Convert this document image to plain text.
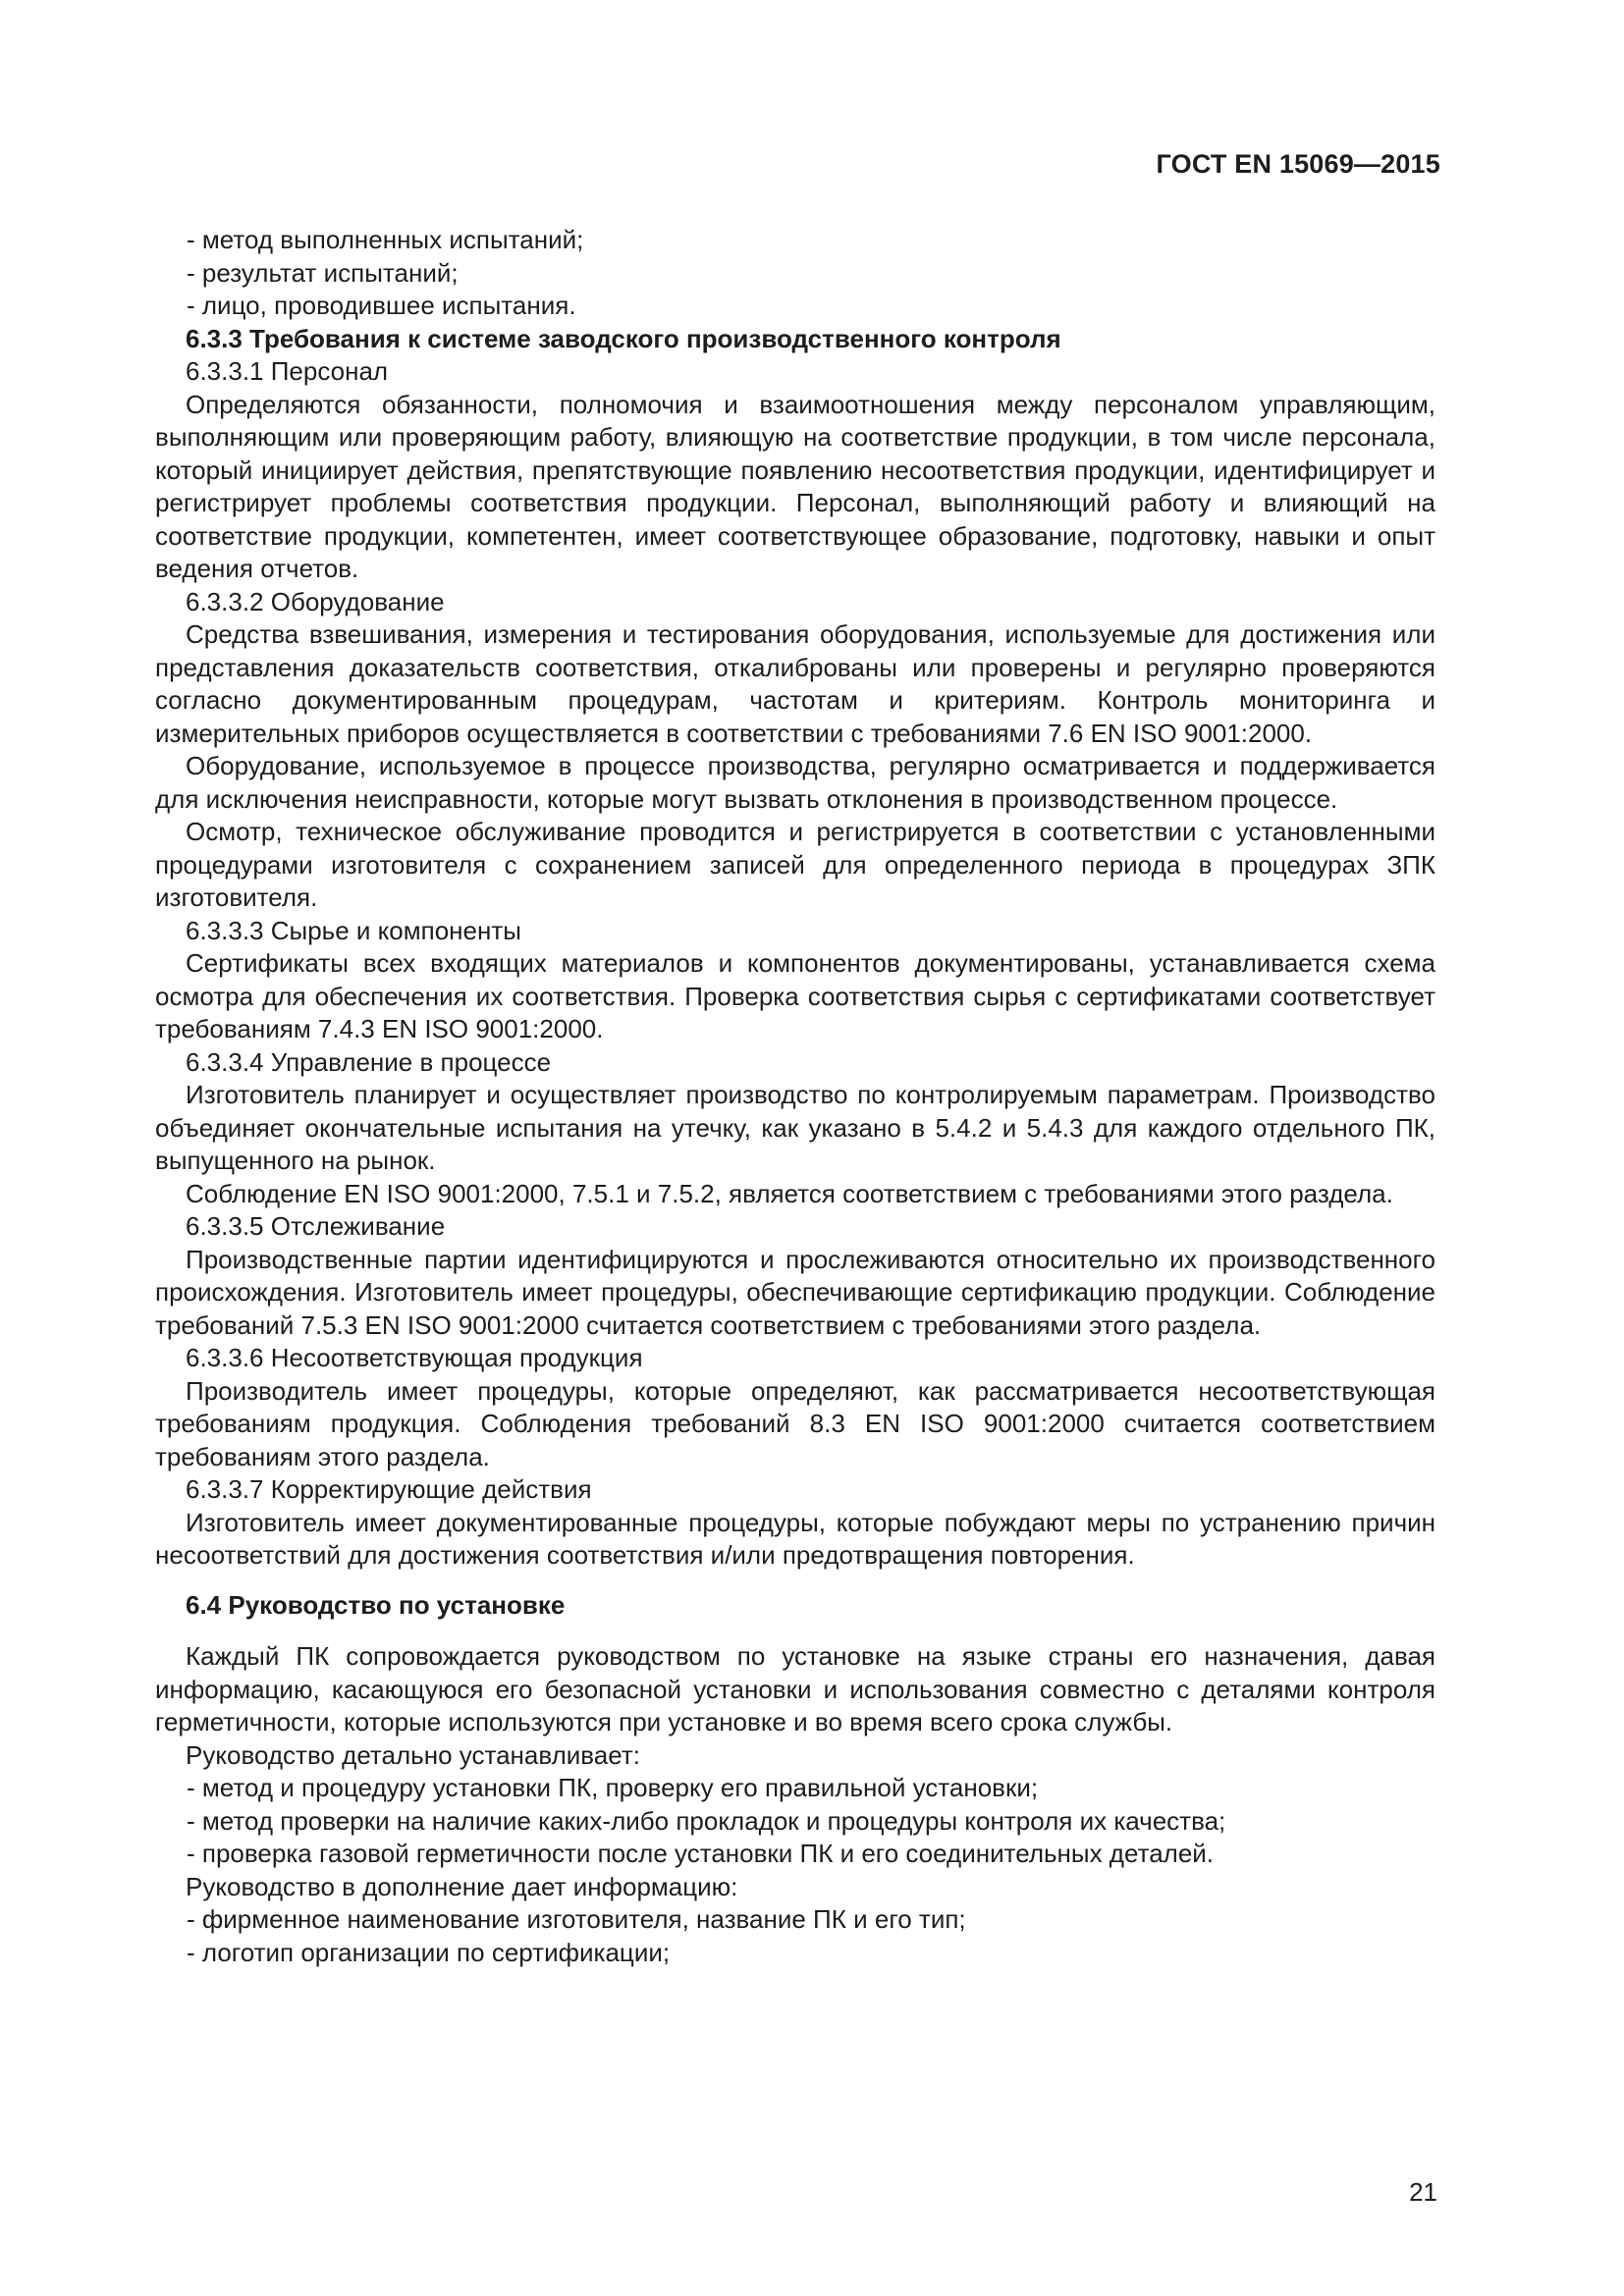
ГОСТ EN 15069—2015

- метод выполненных испытаний;

- результат испытаний;

- лицо, проводившее испытания.

6.3.3 Требования к системе заводского производственного контроля

6.3.3.1 Персонал

Определяются обязанности, полномочия и взаимоотношения между персоналом управляющим, выполняющим или проверяющим работу, влияющую на соответствие продукции, в том числе персонала, который инициирует действия, препятствующие появлению несоответствия продукции, идентифицирует и регистрирует проблемы соответствия продукции. Персонал, выполняющий работу и влияющий на соответствие продукции, компетентен, имеет соответствующее образование, подготовку, навыки и опыт ведения отчетов.

6.3.3.2 Оборудование

Средства взвешивания, измерения и тестирования оборудования, используемые для достижения или представления доказательств соответствия, откалиброваны или проверены и регулярно проверяются согласно документированным процедурам, частотам и критериям. Контроль мониторинга и измерительных приборов осуществляется в соответствии с требованиями 7.6 EN ISO 9001:2000.

Оборудование, используемое в процессе производства, регулярно осматривается и поддерживается для исключения неисправности, которые могут вызвать отклонения в производственном процессе.

Осмотр, техническое обслуживание проводится и регистрируется в соответствии с установленными процедурами изготовителя с сохранением записей для определенного периода в процедурах ЗПК изготовителя.

6.3.3.3 Сырье и компоненты

Сертификаты всех входящих материалов и компонентов документированы, устанавливается схема осмотра для обеспечения их соответствия. Проверка соответствия сырья с сертификатами соответствует требованиям 7.4.3 EN ISO 9001:2000.

6.3.3.4 Управление в процессе

Изготовитель планирует и осуществляет производство по контролируемым параметрам. Производство объединяет окончательные испытания на утечку, как указано в 5.4.2 и 5.4.3 для каждого отдельного ПК, выпущенного на рынок.

Соблюдение EN ISO 9001:2000, 7.5.1 и 7.5.2, является соответствием с требованиями этого раздела.

6.3.3.5 Отслеживание

Производственные партии идентифицируются и прослеживаются относительно их производственного происхождения. Изготовитель имеет процедуры, обеспечивающие сертификацию продукции. Соблюдение требований 7.5.3 EN ISO 9001:2000 считается соответствием с требованиями этого раздела.

6.3.3.6 Несоответствующая продукция

Производитель имеет процедуры, которые определяют, как рассматривается несоответствующая требованиям продукция. Соблюдения требований 8.3 EN ISO 9001:2000 считается соответствием требованиям этого раздела.

6.3.3.7 Корректирующие действия

Изготовитель имеет документированные процедуры, которые побуждают меры по устранению причин несоответствий для достижения соответствия и/или предотвращения повторения.

6.4 Руководство по установке

Каждый ПК сопровождается руководством по установке на языке страны его назначения, давая информацию, касающуюся его безопасной установки и использования совместно с деталями контроля герметичности, которые используются при установке и во время всего срока службы.

Руководство детально устанавливает:

- метод и процедуру установки ПК, проверку его правильной установки;

- метод проверки на наличие каких-либо прокладок и процедуры контроля их качества;

- проверка газовой герметичности после установки ПК и его соединительных деталей.

Руководство в дополнение дает информацию:

- фирменное наименование изготовителя, название ПК и его тип;

- логотип организации по сертификации;

21
